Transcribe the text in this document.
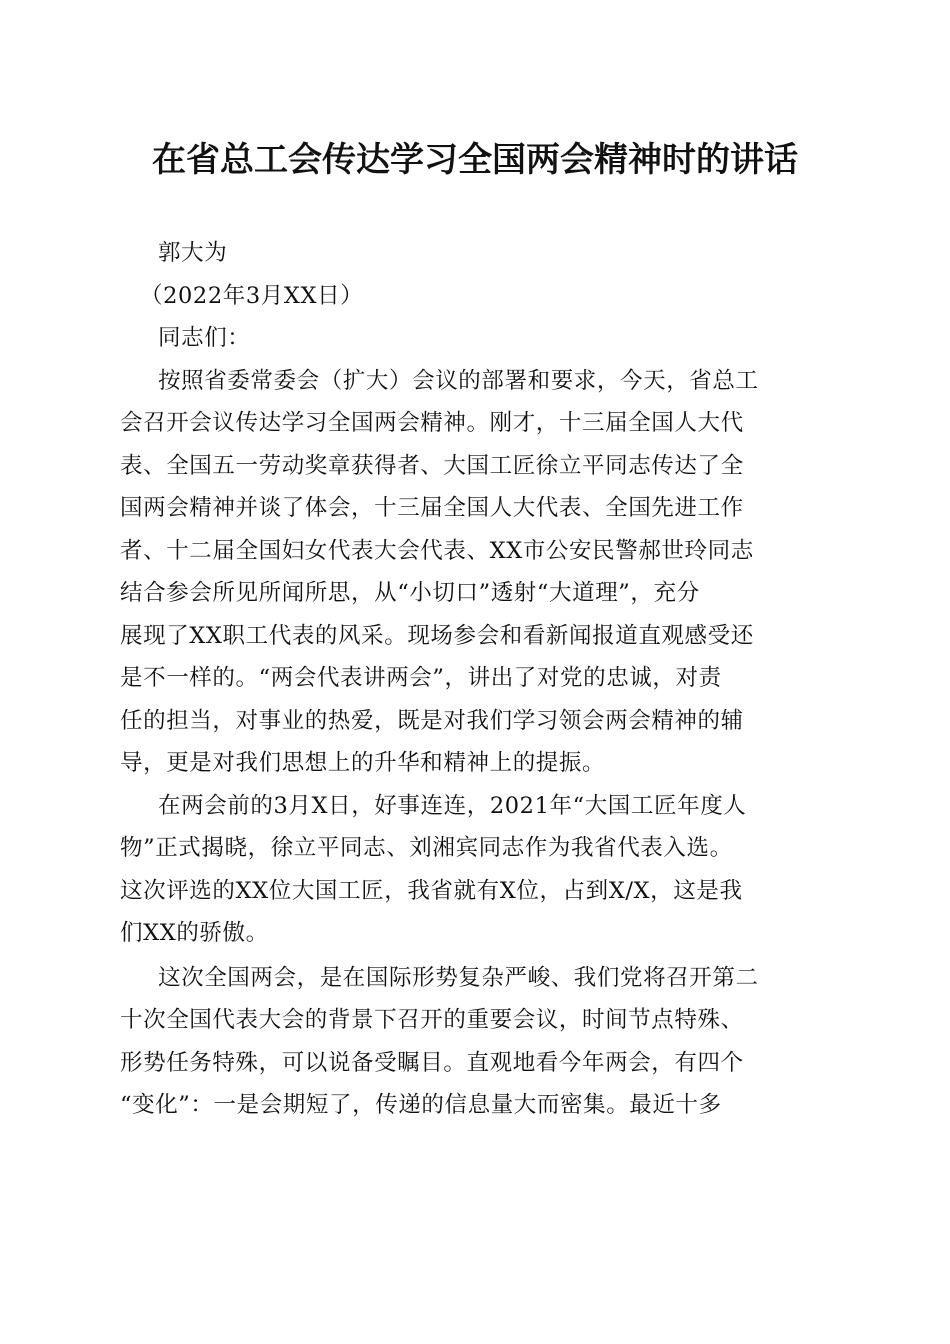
在省总工会传达学习全国两会精神时的讲话
郭大为
（2022年3月XX日）
同志们：
按照省委常委会（扩大）会议的部署和要求，今天，省总工
会召开会议传达学习全国两会精神。刚才，十三届全国人大代
表、全国五一劳动奖章获得者、大国工匠徐立平同志传达了全
国两会精神并谈了体会，十三届全国人大代表、全国先进工作
者、十二届全国妇女代表大会代表、XX市公安民警郝世玲同志
结合参会所见所闻所思，从“小切口”透射“大道理”，充分
展现了XX职工代表的风采。现场参会和看新闻报道直观感受还
是不一样的。“两会代表讲两会”，讲出了对党的忠诚，对责
任的担当，对事业的热爱，既是对我们学习领会两会精神的辅
导，更是对我们思想上的升华和精神上的提振。
在两会前的3月X日，好事连连，2021年“大国工匠年度人
物”正式揭晓，徐立平同志、刘湘宾同志作为我省代表入选。
这次评选的XX位大国工匠，我省就有X位，占到X/X，这是我
们XX的骄傲。
这次全国两会，是在国际形势复杂严峻、我们党将召开第二
十次全国代表大会的背景下召开的重要会议，时间节点特殊、
形势任务特殊，可以说备受瞩目。直观地看今年两会，有四个
“变化”：一是会期短了，传递的信息量大而密集。最近十多
